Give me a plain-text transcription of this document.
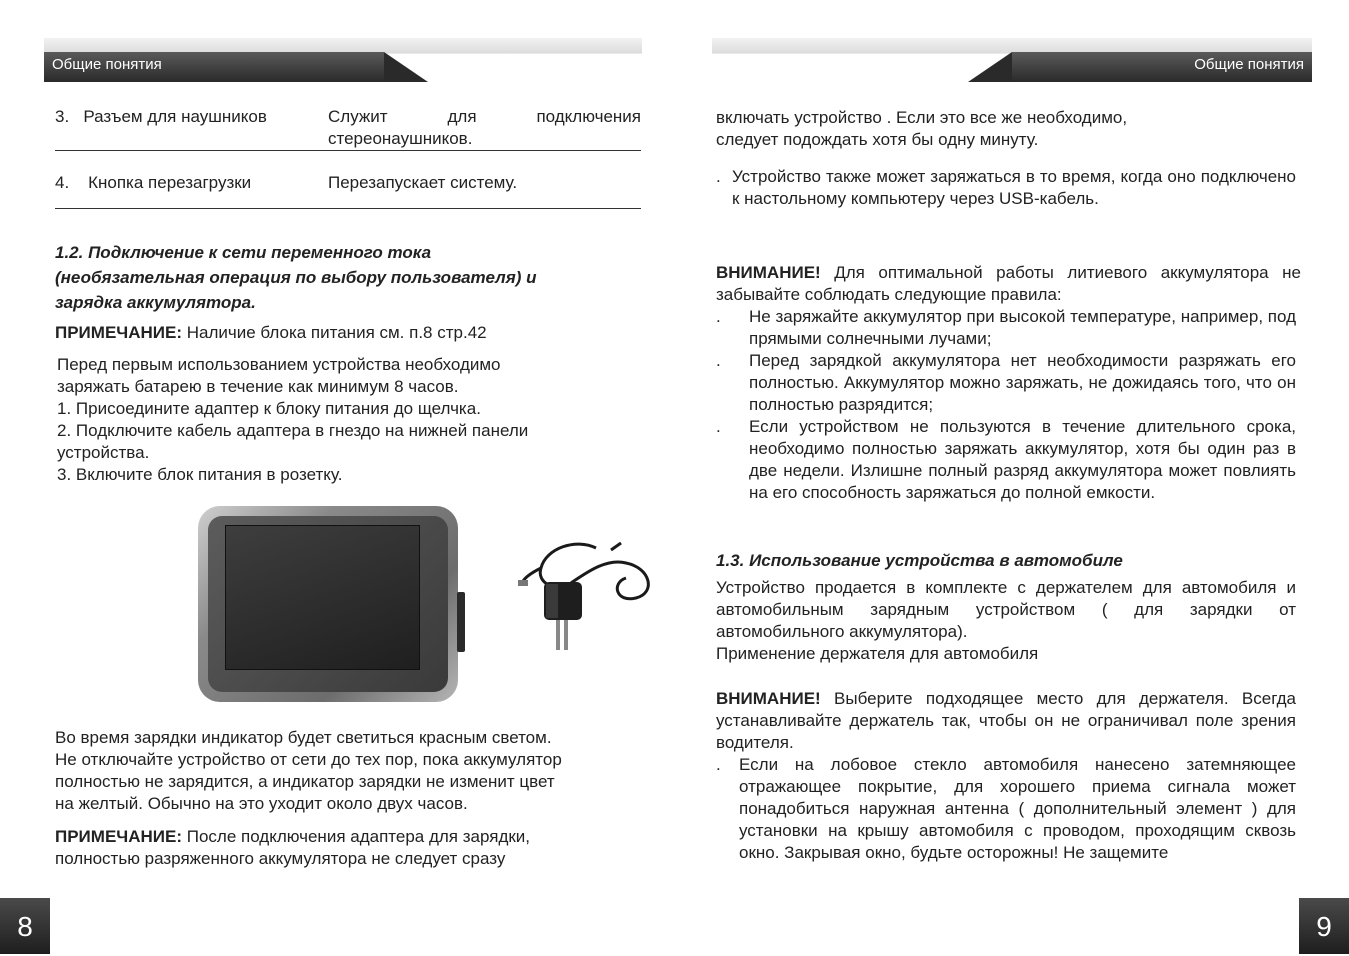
Общие понятия
3. Разъем для наушников	Служит для подключения
стереонаушников.
4. Кнопка перезагрузки	Перезапускает систему.
1.2. Подключение к сети переменного тока
(необязательная операция по выбору пользователя) и
зарядка аккумулятора.
ПРИМЕЧАНИЕ: Наличие блока питания см. п.8 стр.42
Перед первым использованием устройства необходимо
заряжать батарею в течение как минимум 8 часов.
1. Присоедините адаптер к блоку питания до щелчка.
2. Подключите кабель адаптера в гнездо на нижней панели
устройства.
3. Включите блок питания в розетку.
Во время зарядки индикатор будет светиться красным светом.
Не отключайте устройство от сети до тех пор, пока аккумулятор
полностью не зарядится, а индикатор зарядки не изменит цвет
на желтый. Обычно на это уходит около двух часов.
ПРИМЕЧАНИЕ: После подключения адаптера для зарядки,
полностью разряженного аккумулятора не следует сразу
8
Общие понятия
включать устройство . Если это все же необходимо,
следует подождать хотя бы одну минуту.
. Устройство также может заряжаться в то время, когда оно подключено к настольному компьютеру через USB-кабель.
ВНИМАНИЕ! Для оптимальной работы литиевого аккумулятора не забывайте соблюдать следующие правила:
.	Не заряжайте аккумулятор при высокой температуре, например, под прямыми солнечными лучами;
.	Перед зарядкой аккумулятора нет необходимости разряжать его полностью. Аккумулятор можно заряжать, не дожидаясь того, что он полностью разрядится;
.	Если устройством не пользуются в течение длительного срока, необходимо полностью заряжать аккумулятор, хотя бы один раз в две недели. Излишне полный разряд аккумулятора может повлиять на его способность заряжаться до полной емкости.
1.3. Использование устройства в автомобиле
Устройство продается в комплекте с держателем для автомобиля и автомобильным зарядным устройством ( для зарядки от автомобильного аккумулятора).
Применение держателя для автомобиля
ВНИМАНИЕ! Выберите подходящее место для держателя. Всегда устанавливайте держатель так, чтобы он не ограничивал поле зрения водителя.
.	Если на лобовое стекло автомобиля нанесено затемняющее отражающее покрытие, для хорошего приема сигнала может понадобиться наружная антенна ( дополнительный элемент ) для установки на крышу автомобиля с проводом, проходящим сквозь окно. Закрывая окно, будьте осторожны! Не защемите
9
